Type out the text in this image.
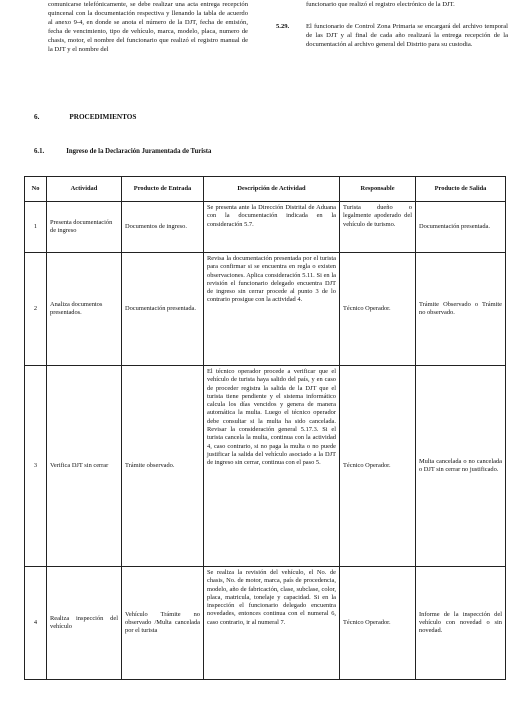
comunicarse telefónicamente, se debe realizar una acta entrega recepción quincenal con la documentación respectiva y llenando la tabla de acuerdo al anexo 9-4, en donde se anota el número de la DJT, fecha de emisión, fecha de vencimiento, tipo de vehículo, marca, modelo, placa, numero de chasis, motor, el nombre del funcionario que realizó el registro manual de la DJT y el nombre del
funcionario que realizó el registro electrónico de la DJT.
5.29.	El funcionario de Control Zona Primaria se encargará del archivo temporal de las DJT y al final de cada año realizará la entrega recepción de la documentación al archivo general del Distrito para su custodia.
6.	PROCEDIMIENTOS
6.1.	Ingreso de la Declaración Juramentada de Turista
No	Actividad	Producto de Entrada	Descripción de Actividad	Responsable	Producto de Salida
1	Presenta documentación de ingreso	Documentos de ingreso.	Se presenta ante la Dirección Distrital de Aduana con la documentación indicada en la consideración 5.7.	Turista dueño o legalmente apoderado del vehículo de turismo.	Documentación presentada.
2	Analiza documentos presentados.	Documentación presentada.	Revisa la documentación presentada por el turista para confirmar si se encuentra en regla o existen observaciones. Aplica consideración 5.11. Si en la revisión el funcionario delegado encuentra DJT de ingreso sin cerrar procede al punto 3 de lo contrario prosigue con la actividad 4.	Técnico Operador.	Trámite Observado o Trámite no observado.
3	Verifica DJT sin cerrar	Trámite observado.	El técnico operador procede a verificar que el vehículo de turista haya salido del país, y en caso de proceder registra la salida de la DJT que el turista tiene pendiente y el sistema informático calcula los días vencidos y genera de manera automática la multa. Luego el técnico operador debe consultar si la multa ha sido cancelada. Revisar la consideración general 5.17.3. Si el turista cancela la multa, continua con la actividad 4, caso contrario, si no paga la multa o no puede justificar la salida del vehículo asociado a la DJT de ingreso sin cerrar, continua con el paso 5.	Técnico Operador.	Multa cancelada o no cancelada o DJT sin cerrar no justificado.
4	Realiza inspección del vehículo	Vehículo Trámite no observado /Multa cancelada por el turista	Se realiza la revisión del vehículo, el No. de chasis, No. de motor, marca, país de procedencia, modelo, año de fabricación, clase, subclase, color, placa, matricula, tonelaje y capacidad. Si en la inspección el funcionario delegado encuentra novedades, entonces continua con el numeral 6, caso contrario, ir al numeral 7.	Técnico Operador.	Informe de la inspección del vehículo con novedad o sin novedad.
